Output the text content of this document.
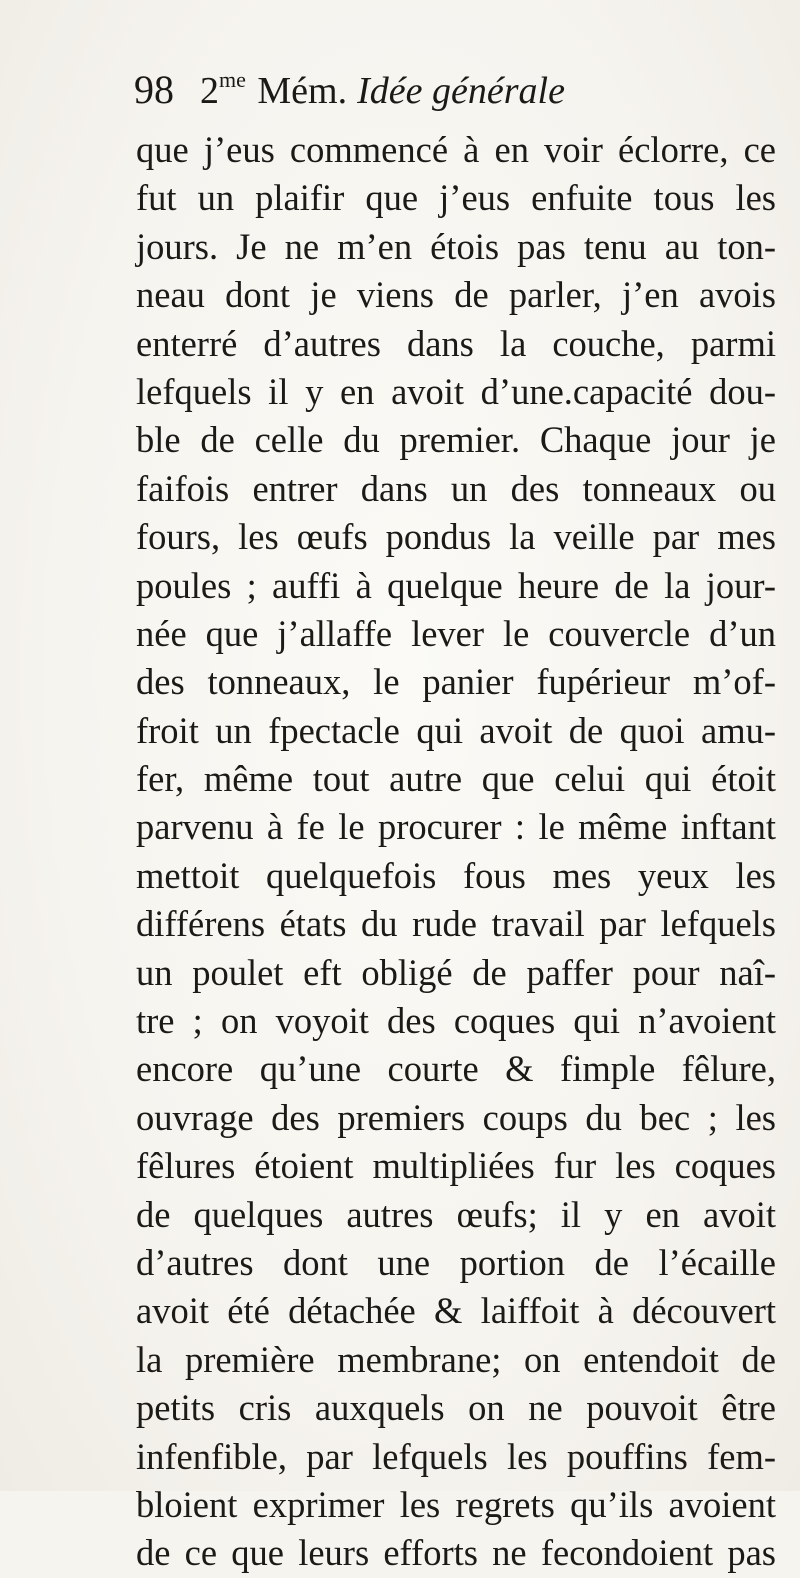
98 $2^{me}$ Mém. Idée générale
que j’eus commencé à en voir éclorre, ce
fut un plaifir que j’eus enfuite tous les
jours. Je ne m’en étois pas tenu au ton-
neau dont je viens de parler, j’en avois
enterré d’autres dans la couche, parmi
lefquels il y en avoit d’une.capacité dou-
ble de celle du premier. Chaque jour je
faifois entrer dans un des tonneaux ou
fours, les œufs pondus la veille par mes
poules ; auffi à quelque heure de la jour-
née que j’allaffe lever le couvercle d’un
des tonneaux, le panier fupérieur m’of-
froit un fpectacle qui avoit de quoi amu-
fer, même tout autre que celui qui étoit
parvenu à fe le procurer : le même inftant
mettoit quelquefois fous mes yeux les
différens états du rude travail par lefquels
un poulet eft obligé de paffer pour naî-
tre ; on voyoit des coques qui n’avoient
encore qu’une courte & fimple fêlure,
ouvrage des premiers coups du bec ; les
fêlures étoient multipliées fur les coques
de quelques autres œufs; il y en avoit
d’autres dont une portion de l’écaille
avoit été détachée & laiffoit à découvert
la première membrane; on entendoit de
petits cris auxquels on ne pouvoit être
infenfible, par lefquels les pouffins fem-
bloient exprimer les regrets qu’ils avoient
de ce que leurs efforts ne fecondoient pas
